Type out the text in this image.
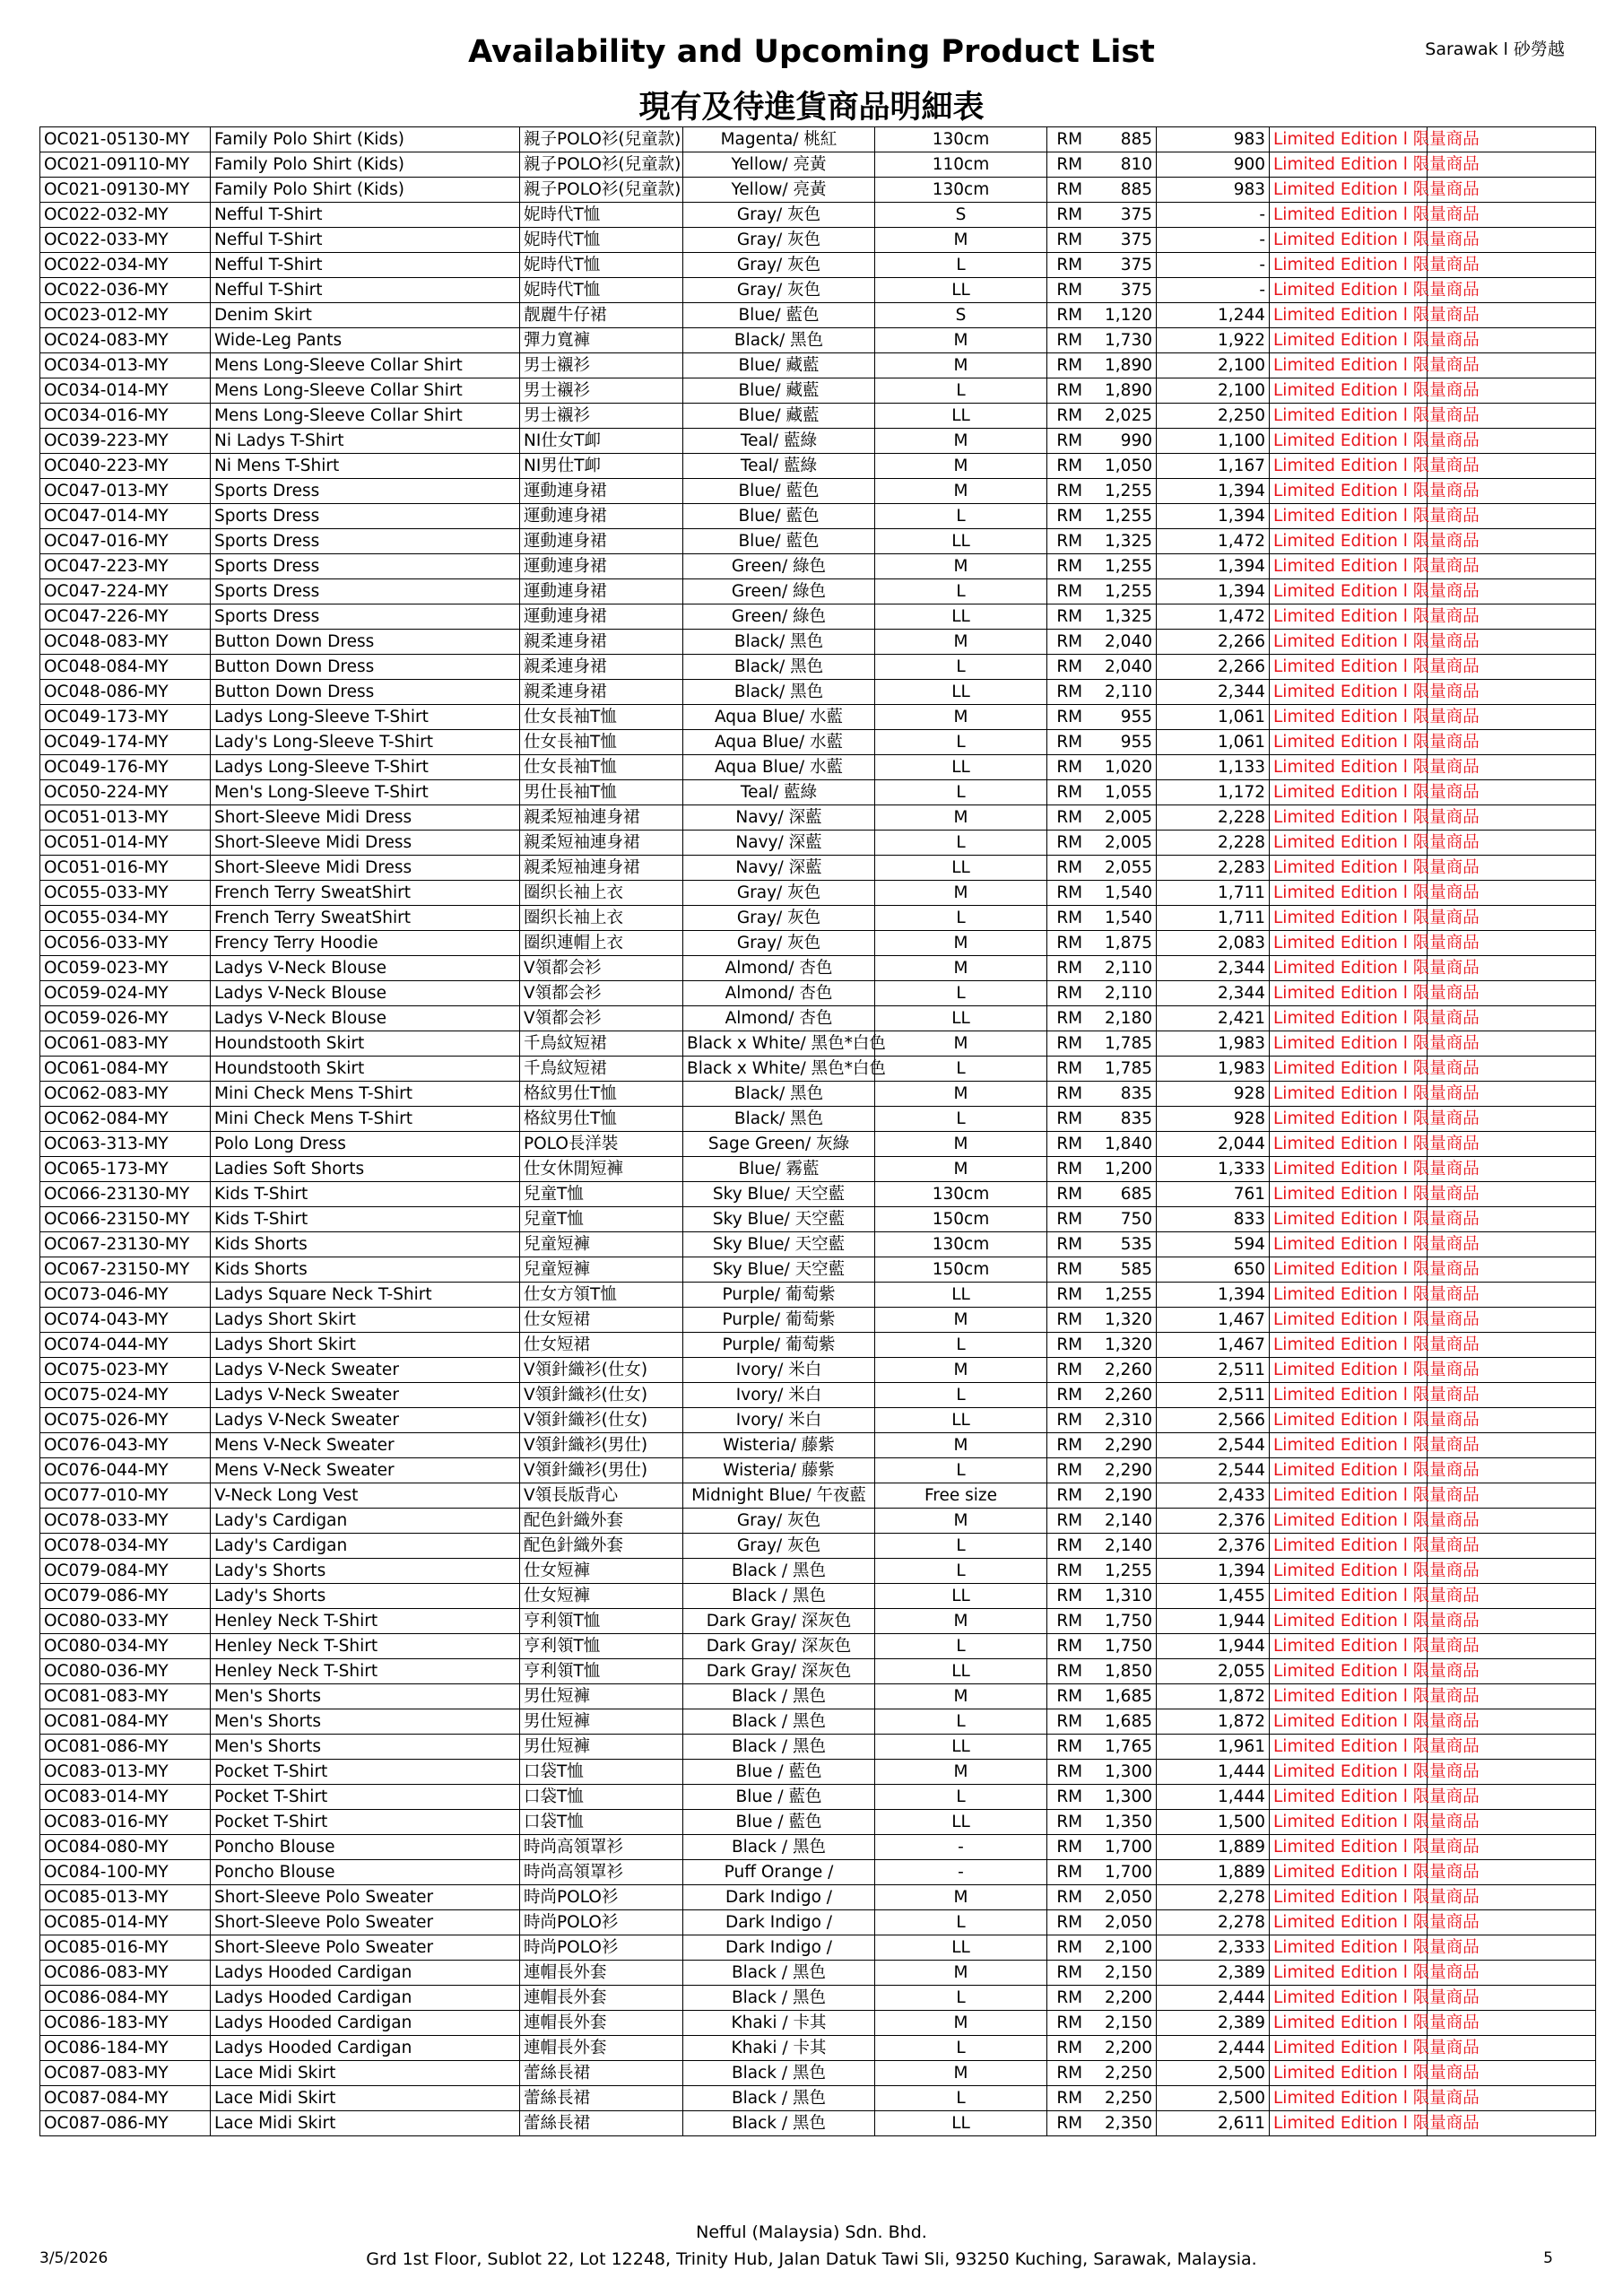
Sarawak l 砂勞越
Availability and Upcoming Product List
現有及待進貨商品明細表
OC021-05130-MY	Family Polo Shirt (Kids)	親子POLO衫(兒童款)	Magenta/ 桃紅	130cm	RM	885	983	Limited Edition l 限量商品	
OC021-09110-MY	Family Polo Shirt (Kids)	親子POLO衫(兒童款)	Yellow/ 亮黃	110cm	RM	810	900	Limited Edition l 限量商品	
OC021-09130-MY	Family Polo Shirt (Kids)	親子POLO衫(兒童款)	Yellow/ 亮黃	130cm	RM	885	983	Limited Edition l 限量商品	
OC022-032-MY	Nefful T-Shirt	妮時代T恤	Gray/ 灰色	S	RM	375	-	Limited Edition l 限量商品	
OC022-033-MY	Nefful T-Shirt	妮時代T恤	Gray/ 灰色	M	RM	375	-	Limited Edition l 限量商品	
OC022-034-MY	Nefful T-Shirt	妮時代T恤	Gray/ 灰色	L	RM	375	-	Limited Edition l 限量商品	
OC022-036-MY	Nefful T-Shirt	妮時代T恤	Gray/ 灰色	LL	RM	375	-	Limited Edition l 限量商品	
OC023-012-MY	Denim Skirt	靓麗牛仔裙	Blue/ 藍色	S	RM	1,120	1,244	Limited Edition l 限量商品	
OC024-083-MY	Wide-Leg Pants	彈力寬褲	Black/ 黑色	M	RM	1,730	1,922	Limited Edition l 限量商品	
OC034-013-MY	Mens Long-Sleeve Collar Shirt	男士襯衫	Blue/ 藏藍	M	RM	1,890	2,100	Limited Edition l 限量商品	
OC034-014-MY	Mens Long-Sleeve Collar Shirt	男士襯衫	Blue/ 藏藍	L	RM	1,890	2,100	Limited Edition l 限量商品	
OC034-016-MY	Mens Long-Sleeve Collar Shirt	男士襯衫	Blue/ 藏藍	LL	RM	2,025	2,250	Limited Edition l 限量商品	
OC039-223-MY	Ni Ladys T-Shirt	NI仕女T卹	Teal/ 藍綠	M	RM	990	1,100	Limited Edition l 限量商品	
OC040-223-MY	Ni Mens T-Shirt	NI男仕T卹	Teal/ 藍綠	M	RM	1,050	1,167	Limited Edition l 限量商品	
OC047-013-MY	Sports Dress	運動連身裙	Blue/ 藍色	M	RM	1,255	1,394	Limited Edition l 限量商品	
OC047-014-MY	Sports Dress	運動連身裙	Blue/ 藍色	L	RM	1,255	1,394	Limited Edition l 限量商品	
OC047-016-MY	Sports Dress	運動連身裙	Blue/ 藍色	LL	RM	1,325	1,472	Limited Edition l 限量商品	
OC047-223-MY	Sports Dress	運動連身裙	Green/ 綠色	M	RM	1,255	1,394	Limited Edition l 限量商品	
OC047-224-MY	Sports Dress	運動連身裙	Green/ 綠色	L	RM	1,255	1,394	Limited Edition l 限量商品	
OC047-226-MY	Sports Dress	運動連身裙	Green/ 綠色	LL	RM	1,325	1,472	Limited Edition l 限量商品	
OC048-083-MY	Button Down Dress	親柔連身裙	Black/ 黑色	M	RM	2,040	2,266	Limited Edition l 限量商品	
OC048-084-MY	Button Down Dress	親柔連身裙	Black/ 黑色	L	RM	2,040	2,266	Limited Edition l 限量商品	
OC048-086-MY	Button Down Dress	親柔連身裙	Black/ 黑色	LL	RM	2,110	2,344	Limited Edition l 限量商品	
OC049-173-MY	Ladys Long-Sleeve T-Shirt	仕女長袖T恤	Aqua Blue/ 水藍	M	RM	955	1,061	Limited Edition l 限量商品	
OC049-174-MY	Lady's Long-Sleeve T-Shirt	仕女長袖T恤	Aqua Blue/ 水藍	L	RM	955	1,061	Limited Edition l 限量商品	
OC049-176-MY	Ladys Long-Sleeve T-Shirt	仕女長袖T恤	Aqua Blue/ 水藍	LL	RM	1,020	1,133	Limited Edition l 限量商品	
OC050-224-MY	Men's Long-Sleeve T-Shirt	男仕長袖T恤	Teal/ 藍綠	L	RM	1,055	1,172	Limited Edition l 限量商品	
OC051-013-MY	Short-Sleeve Midi Dress	親柔短袖連身裙	Navy/ 深藍	M	RM	2,005	2,228	Limited Edition l 限量商品	
OC051-014-MY	Short-Sleeve Midi Dress	親柔短袖連身裙	Navy/ 深藍	L	RM	2,005	2,228	Limited Edition l 限量商品	
OC051-016-MY	Short-Sleeve Midi Dress	親柔短袖連身裙	Navy/ 深藍	LL	RM	2,055	2,283	Limited Edition l 限量商品	
OC055-033-MY	French Terry SweatShirt	圈织长袖上衣	Gray/ 灰色	M	RM	1,540	1,711	Limited Edition l 限量商品	
OC055-034-MY	French Terry SweatShirt	圈织长袖上衣	Gray/ 灰色	L	RM	1,540	1,711	Limited Edition l 限量商品	
OC056-033-MY	Frency Terry Hoodie	圈织連帽上衣	Gray/ 灰色	M	RM	1,875	2,083	Limited Edition l 限量商品	
OC059-023-MY	Ladys V-Neck Blouse	V領都会衫	Almond/ 杏色	M	RM	2,110	2,344	Limited Edition l 限量商品	
OC059-024-MY	Ladys V-Neck Blouse	V領都会衫	Almond/ 杏色	L	RM	2,110	2,344	Limited Edition l 限量商品	
OC059-026-MY	Ladys V-Neck Blouse	V領都会衫	Almond/ 杏色	LL	RM	2,180	2,421	Limited Edition l 限量商品	
OC061-083-MY	Houndstooth Skirt	千鳥紋短裙	Black x White/ 黑色*白色	M	RM	1,785	1,983	Limited Edition l 限量商品	
OC061-084-MY	Houndstooth Skirt	千鳥紋短裙	Black x White/ 黑色*白色	L	RM	1,785	1,983	Limited Edition l 限量商品	
OC062-083-MY	Mini Check Mens T-Shirt	格紋男仕T恤	Black/ 黑色	M	RM	835	928	Limited Edition l 限量商品	
OC062-084-MY	Mini Check Mens T-Shirt	格紋男仕T恤	Black/ 黑色	L	RM	835	928	Limited Edition l 限量商品	
OC063-313-MY	Polo Long Dress	POLO長洋裝	Sage Green/ 灰綠	M	RM	1,840	2,044	Limited Edition l 限量商品	
OC065-173-MY	Ladies Soft Shorts	仕女休閒短褲	Blue/ 霧藍	M	RM	1,200	1,333	Limited Edition l 限量商品	
OC066-23130-MY	Kids T-Shirt	兒童T恤	Sky Blue/ 天空藍	130cm	RM	685	761	Limited Edition l 限量商品	
OC066-23150-MY	Kids T-Shirt	兒童T恤	Sky Blue/ 天空藍	150cm	RM	750	833	Limited Edition l 限量商品	
OC067-23130-MY	Kids Shorts	兒童短褲	Sky Blue/ 天空藍	130cm	RM	535	594	Limited Edition l 限量商品	
OC067-23150-MY	Kids Shorts	兒童短褲	Sky Blue/ 天空藍	150cm	RM	585	650	Limited Edition l 限量商品	
OC073-046-MY	Ladys Square Neck T-Shirt	仕女方領T恤	Purple/ 葡萄紫	LL	RM	1,255	1,394	Limited Edition l 限量商品	
OC074-043-MY	Ladys Short Skirt	仕女短裙	Purple/ 葡萄紫	M	RM	1,320	1,467	Limited Edition l 限量商品	
OC074-044-MY	Ladys Short Skirt	仕女短裙	Purple/ 葡萄紫	L	RM	1,320	1,467	Limited Edition l 限量商品	
OC075-023-MY	Ladys V-Neck Sweater	V領針織衫(仕女)	Ivory/ 米白	M	RM	2,260	2,511	Limited Edition l 限量商品	
OC075-024-MY	Ladys V-Neck Sweater	V領針織衫(仕女)	Ivory/ 米白	L	RM	2,260	2,511	Limited Edition l 限量商品	
OC075-026-MY	Ladys V-Neck Sweater	V領針織衫(仕女)	Ivory/ 米白	LL	RM	2,310	2,566	Limited Edition l 限量商品	
OC076-043-MY	Mens V-Neck Sweater	V領針織衫(男仕)	Wisteria/ 藤紫	M	RM	2,290	2,544	Limited Edition l 限量商品	
OC076-044-MY	Mens V-Neck Sweater	V領針織衫(男仕)	Wisteria/ 藤紫	L	RM	2,290	2,544	Limited Edition l 限量商品	
OC077-010-MY	V-Neck Long Vest	V領長版背心	Midnight Blue/ 午夜藍	Free size	RM	2,190	2,433	Limited Edition l 限量商品	
OC078-033-MY	Lady's Cardigan	配色針織外套	Gray/ 灰色	M	RM	2,140	2,376	Limited Edition l 限量商品	
OC078-034-MY	Lady's Cardigan	配色針織外套	Gray/ 灰色	L	RM	2,140	2,376	Limited Edition l 限量商品	
OC079-084-MY	Lady's Shorts	仕女短褲	Black / 黑色	L	RM	1,255	1,394	Limited Edition l 限量商品	
OC079-086-MY	Lady's Shorts	仕女短褲	Black / 黑色	LL	RM	1,310	1,455	Limited Edition l 限量商品	
OC080-033-MY	Henley Neck T-Shirt	亨利領T恤	Dark Gray/ 深灰色	M	RM	1,750	1,944	Limited Edition l 限量商品	
OC080-034-MY	Henley Neck T-Shirt	亨利領T恤	Dark Gray/ 深灰色	L	RM	1,750	1,944	Limited Edition l 限量商品	
OC080-036-MY	Henley Neck T-Shirt	亨利領T恤	Dark Gray/ 深灰色	LL	RM	1,850	2,055	Limited Edition l 限量商品	
OC081-083-MY	Men's Shorts	男仕短褲	Black / 黑色	M	RM	1,685	1,872	Limited Edition l 限量商品	
OC081-084-MY	Men's Shorts	男仕短褲	Black / 黑色	L	RM	1,685	1,872	Limited Edition l 限量商品	
OC081-086-MY	Men's Shorts	男仕短褲	Black / 黑色	LL	RM	1,765	1,961	Limited Edition l 限量商品	
OC083-013-MY	Pocket T-Shirt	口袋T恤	Blue / 藍色	M	RM	1,300	1,444	Limited Edition l 限量商品	
OC083-014-MY	Pocket T-Shirt	口袋T恤	Blue / 藍色	L	RM	1,300	1,444	Limited Edition l 限量商品	
OC083-016-MY	Pocket T-Shirt	口袋T恤	Blue / 藍色	LL	RM	1,350	1,500	Limited Edition l 限量商品	
OC084-080-MY	Poncho Blouse	時尚高領罩衫	Black / 黑色	-	RM	1,700	1,889	Limited Edition l 限量商品	
OC084-100-MY	Poncho Blouse	時尚高領罩衫	Puff Orange /	-	RM	1,700	1,889	Limited Edition l 限量商品	
OC085-013-MY	Short-Sleeve Polo Sweater	時尚POLO衫	Dark Indigo /	M	RM	2,050	2,278	Limited Edition l 限量商品	
OC085-014-MY	Short-Sleeve Polo Sweater	時尚POLO衫	Dark Indigo /	L	RM	2,050	2,278	Limited Edition l 限量商品	
OC085-016-MY	Short-Sleeve Polo Sweater	時尚POLO衫	Dark Indigo /	LL	RM	2,100	2,333	Limited Edition l 限量商品	
OC086-083-MY	Ladys Hooded Cardigan	連帽長外套	Black / 黑色	M	RM	2,150	2,389	Limited Edition l 限量商品	
OC086-084-MY	Ladys Hooded Cardigan	連帽長外套	Black / 黑色	L	RM	2,200	2,444	Limited Edition l 限量商品	
OC086-183-MY	Ladys Hooded Cardigan	連帽長外套	Khaki / 卡其	M	RM	2,150	2,389	Limited Edition l 限量商品	
OC086-184-MY	Ladys Hooded Cardigan	連帽長外套	Khaki / 卡其	L	RM	2,200	2,444	Limited Edition l 限量商品	
OC087-083-MY	Lace Midi Skirt	蕾絲長裙	Black / 黑色	M	RM	2,250	2,500	Limited Edition l 限量商品	
OC087-084-MY	Lace Midi Skirt	蕾絲長裙	Black / 黑色	L	RM	2,250	2,500	Limited Edition l 限量商品	
OC087-086-MY	Lace Midi Skirt	蕾絲長裙	Black / 黑色	LL	RM	2,350	2,611	Limited Edition l 限量商品	
Nefful (Malaysia) Sdn. Bhd.
Grd 1st Floor, Sublot 22, Lot 12248, Trinity Hub, Jalan Datuk Tawi Sli, 93250 Kuching, Sarawak, Malaysia.
3/5/2026	5
